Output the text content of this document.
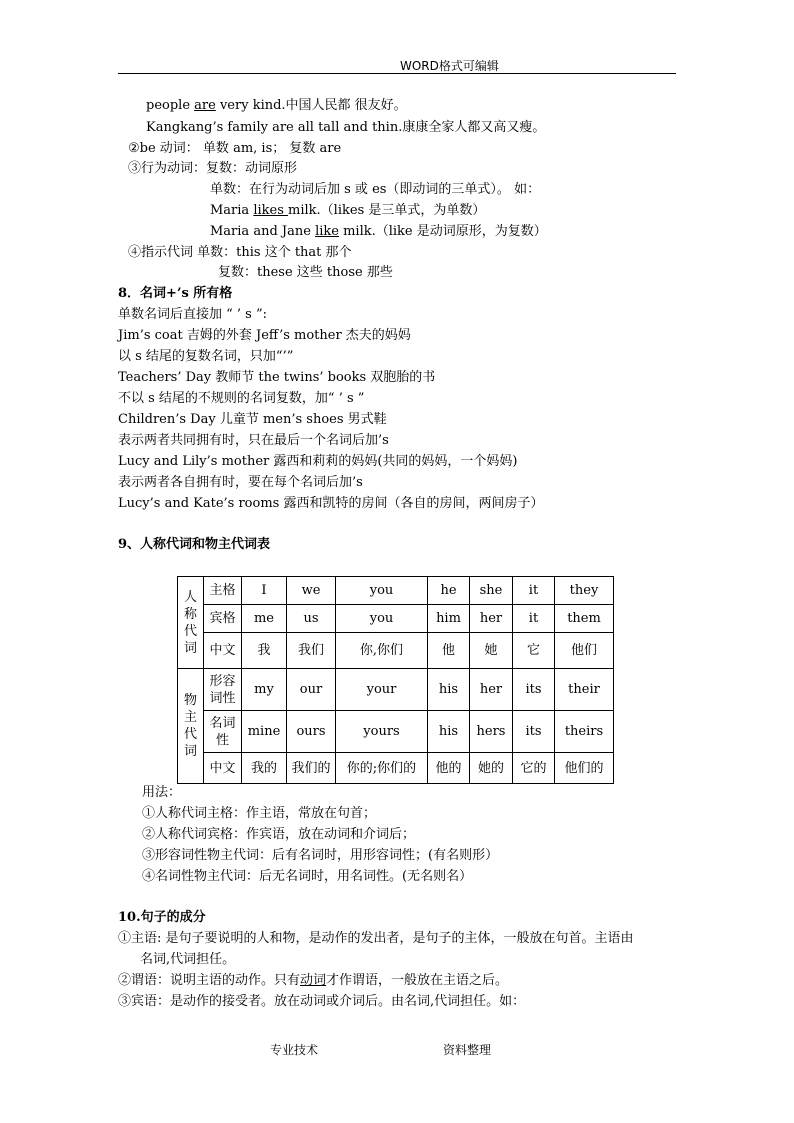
WORD格式可编辑
people are very kind.中国人民都 很友好。
Kangkang’s family are all tall and thin.康康全家人都又高又瘦。
②be 动词： 单数 am, is； 复数 are
③行为动词：复数：动词原形
单数：在行为动词后加 s 或 es（即动词的三单式）。 如：
Maria likes milk.（likes 是三单式，为单数）
Maria and Jane like milk.（like 是动词原形，为复数）
④指示代词 单数：this 这个 that 那个
复数：these 这些 those 那些
8．名词+’s 所有格
单数名词后直接加 “ ’ s ”:
Jim’s coat 吉姆的外套 Jeff’s mother 杰夫的妈妈
以 s 结尾的复数名词，只加“’”
Teachers’ Day 教师节 the twins’ books 双胞胎的书
不以 s 结尾的不规则的名词复数，加“ ’ s ”
Children’s Day 儿童节 men’s shoes 男式鞋
表示两者共同拥有时，只在最后一个名词后加’s
Lucy and Lily’s mother 露西和莉莉的妈妈(共同的妈妈，一个妈妈)
表示两者各自拥有时，要在每个名词后加’s
Lucy’s and Kate’s rooms 露西和凯特的房间（各自的房间，两间房子）
9、人称代词和物主代词表
人称代词	主格	I	we	you	he	she	it	they
	宾格	me	us	you	him	her	it	them
	中文	我	我们	你,你们	他	她	它	他们
物主代词	形容词性	my	our	your	his	her	its	their
	名词性	mine	ours	yours	his	hers	its	theirs
	中文	我的	我们的	你的;你们的	他的	她的	它的	他们的
用法：
①人称代词主格：作主语，常放在句首；
②人称代词宾格：作宾语，放在动词和介词后；
③形容词性物主代词：后有名词时，用形容词性；(有名则形）
④名词性物主代词：后无名词时，用名词性。(无名则名）
10.句子的成分
①主语: 是句子要说明的人和物，是动作的发出者，是句子的主体，一般放在句首。主语由
名词,代词担任。
②谓语：说明主语的动作。只有动词才作谓语，一般放在主语之后。
③宾语：是动作的接受者。放在动词或介词后。由名词,代词担任。如：
专业技术	资料整理
